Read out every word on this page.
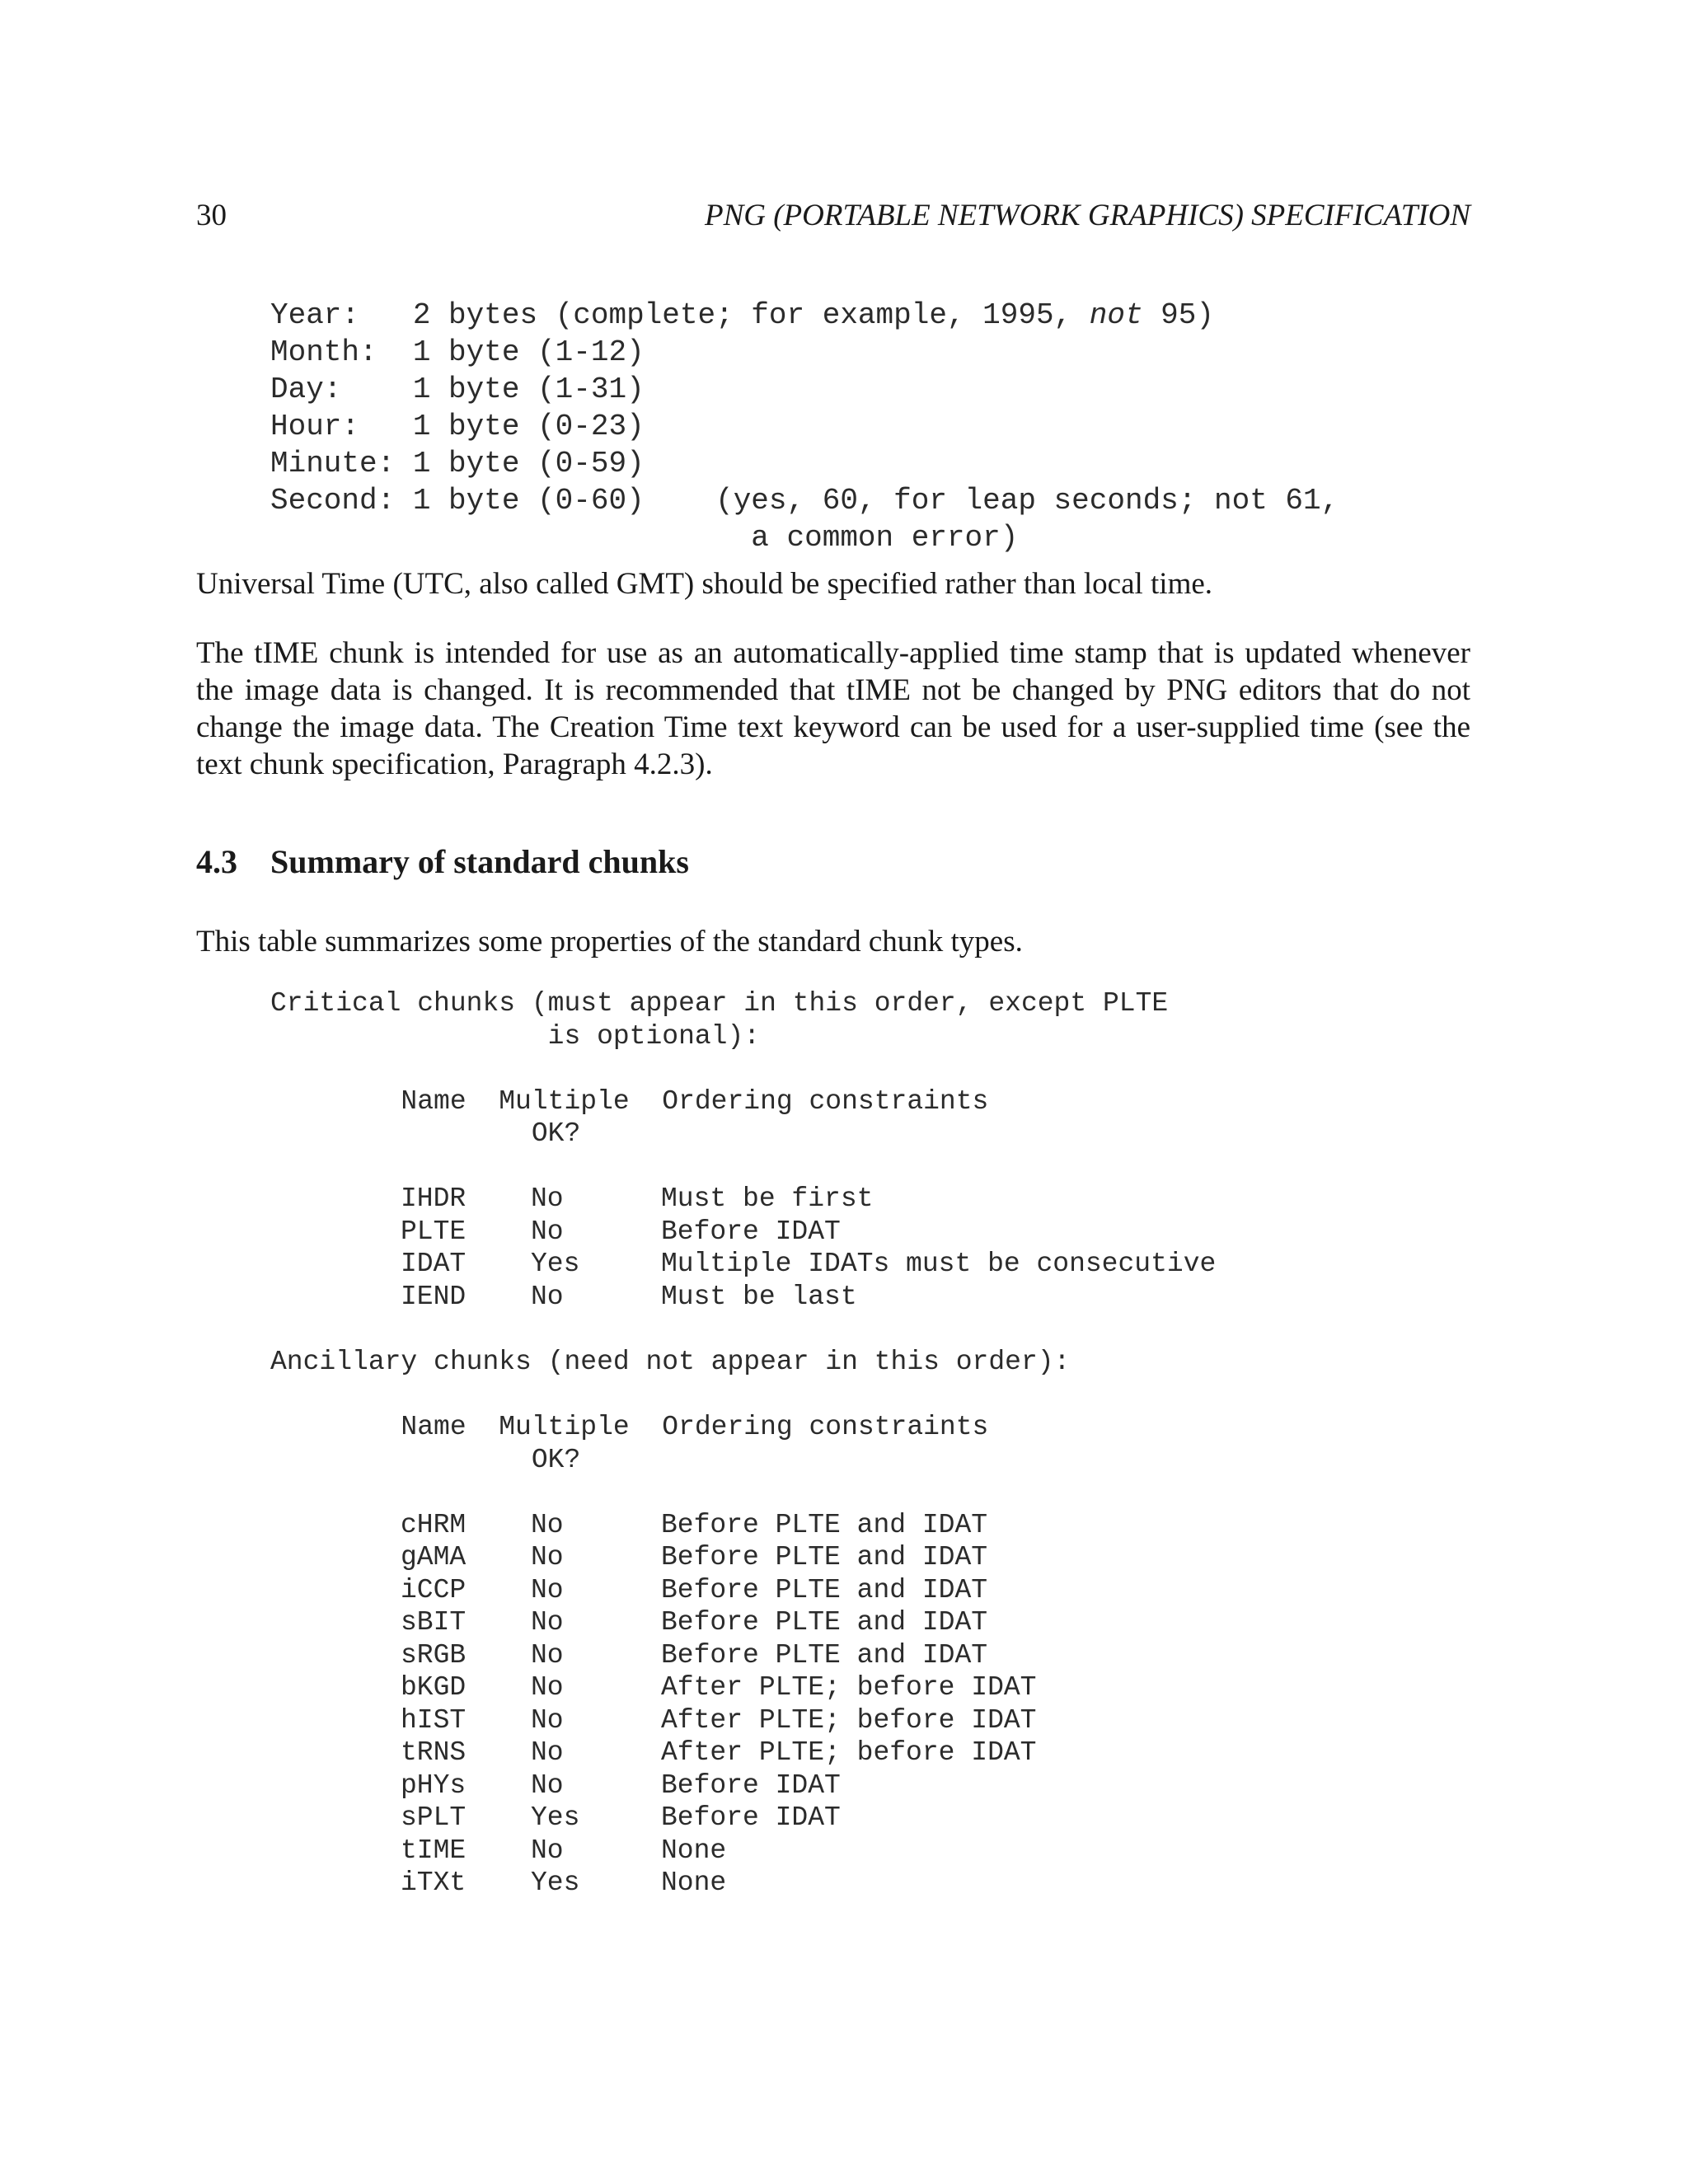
30	PNG (PORTABLE NETWORK GRAPHICS) SPECIFICATION
Year:   2 bytes (complete; for example, 1995, not 95)
Month:  1 byte (1-12)
Day:    1 byte (1-31)
Hour:   1 byte (0-23)
Minute: 1 byte (0-59)
Second: 1 byte (0-60)    (yes, 60, for leap seconds; not 61,
a common error)

Universal Time (UTC, also called GMT) should be specified rather than local time.

The tIME chunk is intended for use as an automatically-applied time stamp that is updated whenever the image data is changed. It is recommended that tIME not be changed by PNG editors that do not change the image data. The Creation Time text keyword can be used for a user-supplied time (see the text chunk specification, Paragraph 4.2.3).

4.3 Summary of standard chunks

This table summarizes some properties of the standard chunk types.

Critical chunks (must appear in this order, except PLTE
is optional):

Name  Multiple  Ordering constraints
OK?

IHDR No	Must be first
PLTE No	Before IDAT
IDAT Yes	Multiple IDATs must be consecutive
IEND No	Must be last
Ancillary chunks (need not appear in this order):

Name  Multiple  Ordering constraints
OK?

cHRM No	Before PLTE and IDAT
gAMA No	Before PLTE and IDAT
iCCP No	Before PLTE and IDAT
sBIT No	Before PLTE and IDAT
sRGB No	Before PLTE and IDAT
bKGD No	After PLTE; before IDAT
hIST No	After PLTE; before IDAT
tRNS No	After PLTE; before IDAT
pHYs No	Before IDAT
sPLT Yes	Before IDAT
tIME No	None
iTXt Yes	None
